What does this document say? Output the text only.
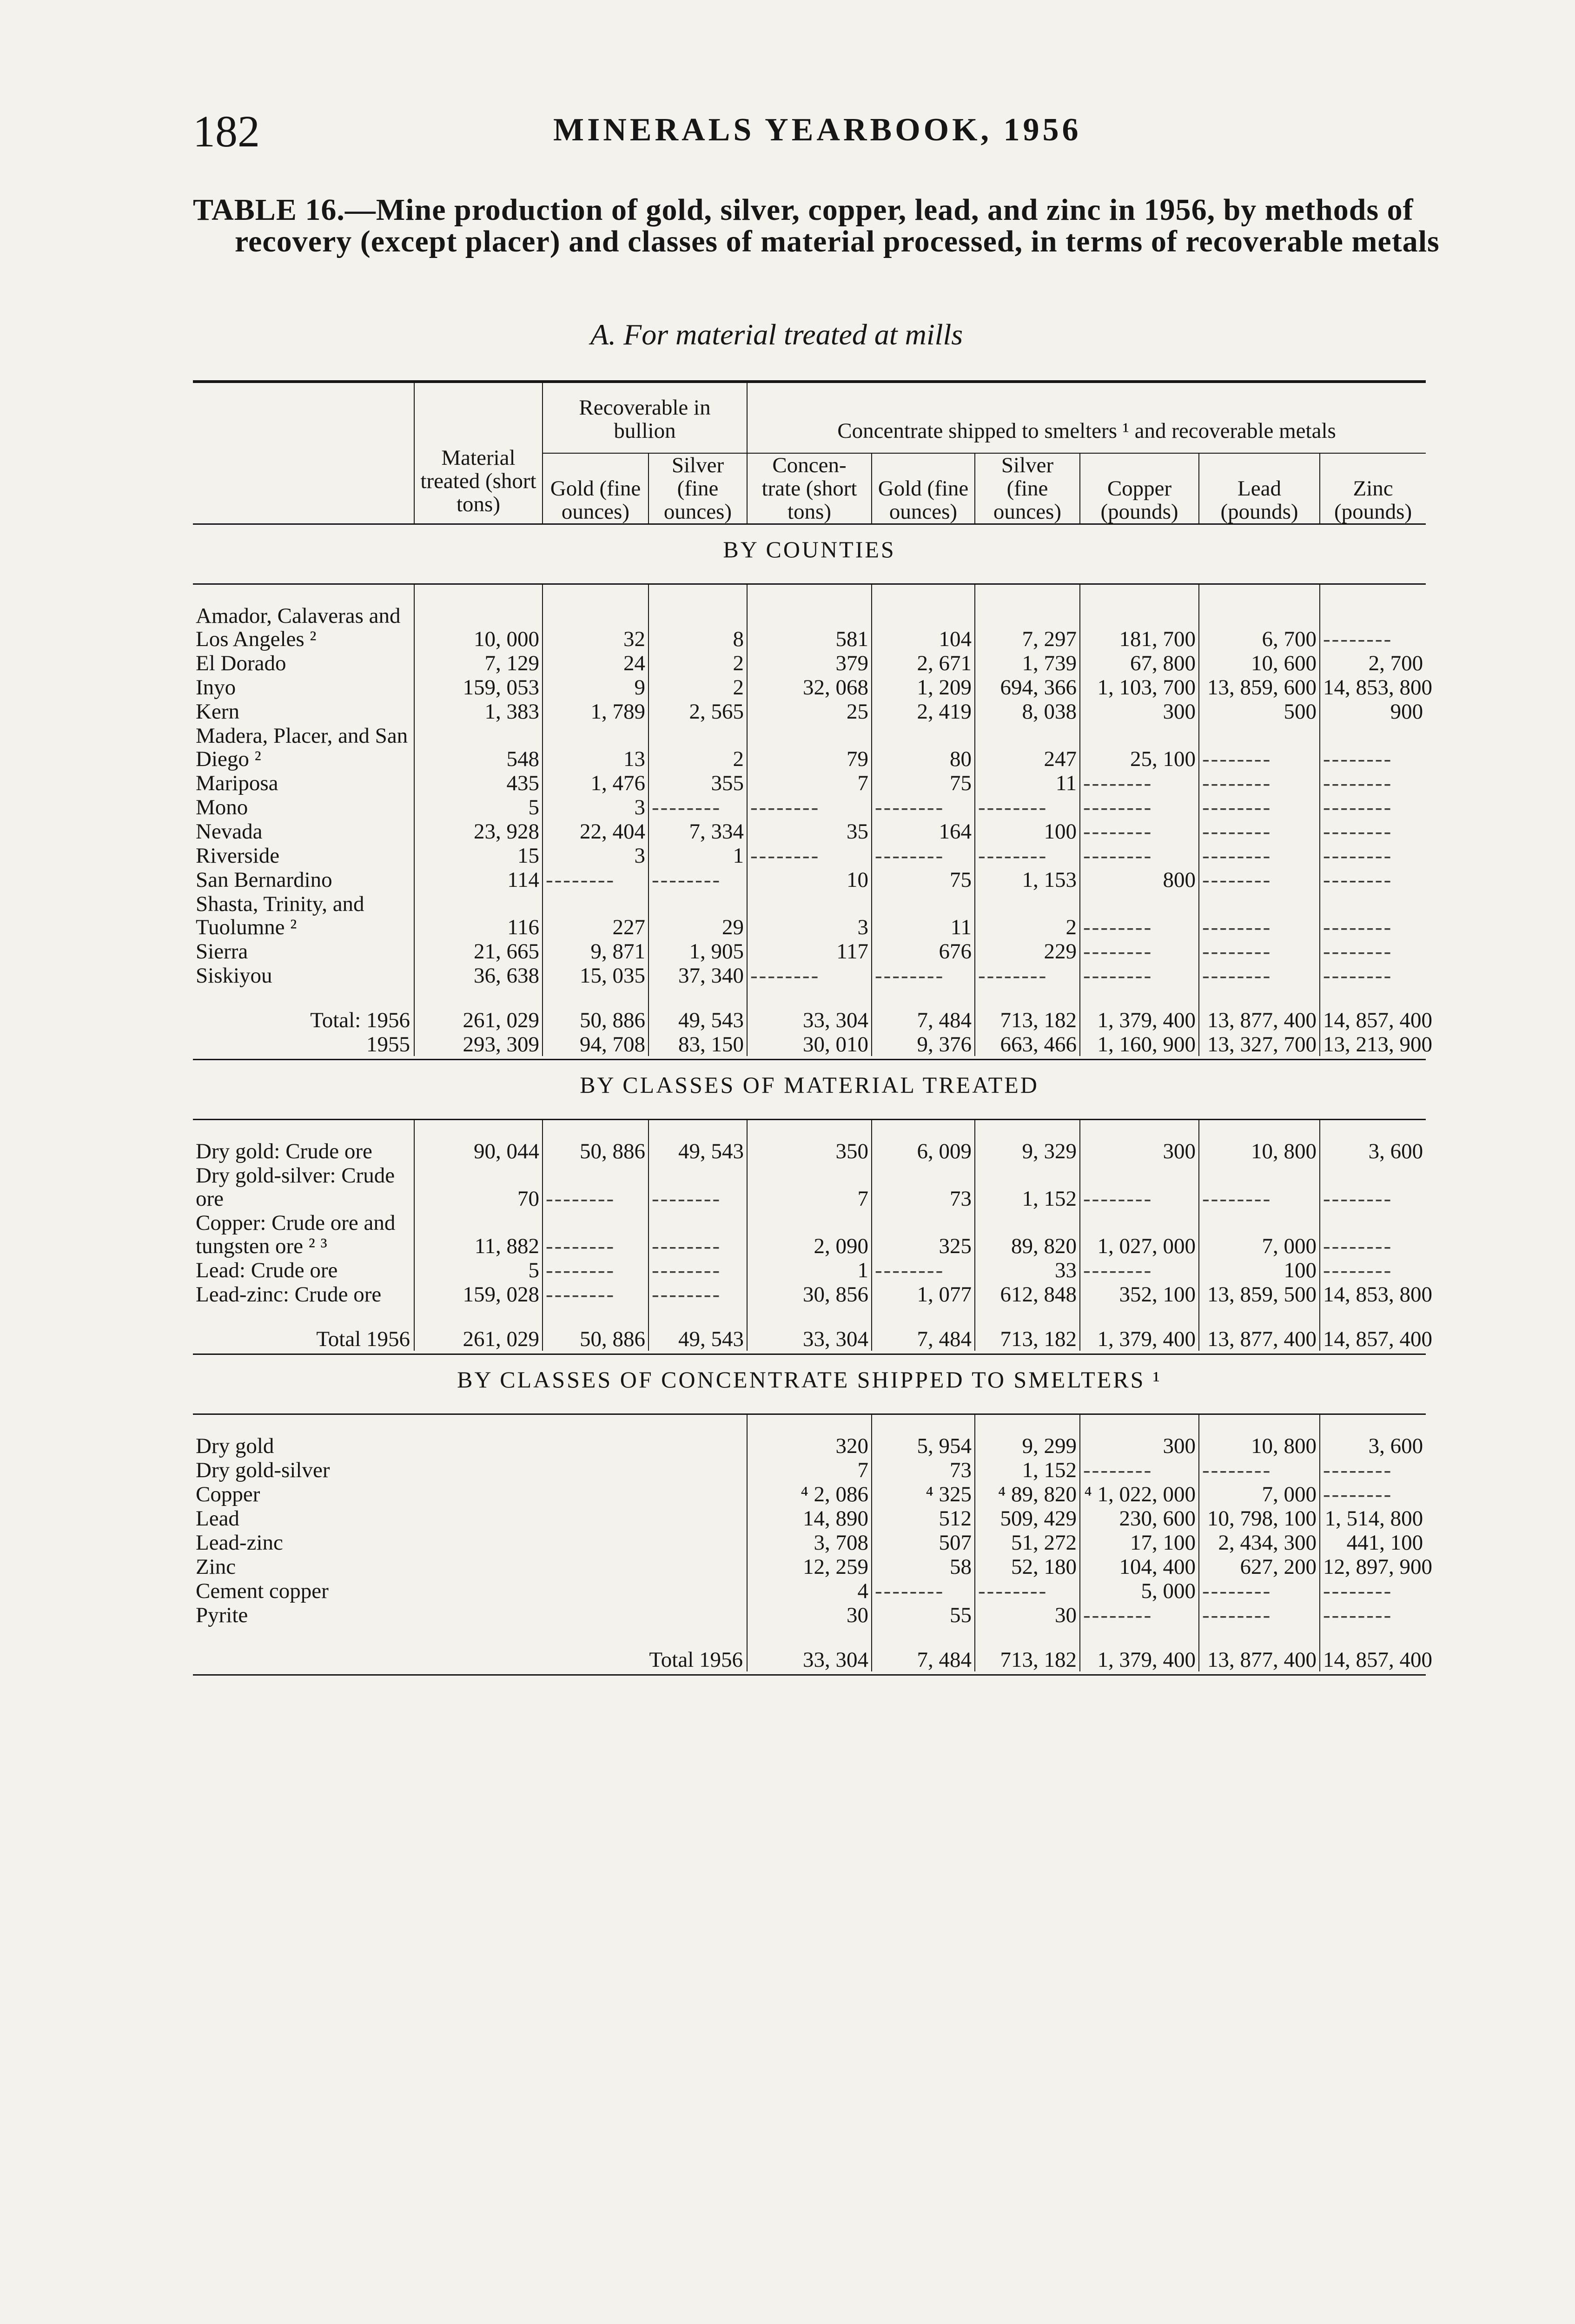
182	MINERALS YEARBOOK, 1956
TABLE 16.—Mine production of gold, silver, copper, lead, and zinc in 1956, by methods of recovery (except placer) and classes of material processed, in terms of recoverable metals
A. For material treated at mills
	Material treated (short tons)	Recoverable in bullion		Concentrate shipped to smelters ¹ and recoverable metals					
		Gold (fine ounces)	Silver (fine ounces)	Concen- trate (short tons)	Gold (fine ounces)	Silver (fine ounces)	Copper (pounds)	Lead (pounds)	Zinc (pounds)
BY COUNTIES									

Amador, Calaveras and Los Angeles ²	10, 000	32	8	581	104	7, 297	181, 700	6, 700	--------
El Dorado	7, 129	24	2	379	2, 671	1, 739	67, 800	10, 600	2, 700
Inyo	159, 053	9	2	32, 068	1, 209	694, 366	1, 103, 700	13, 859, 600	14, 853, 800
Kern	1, 383	1, 789	2, 565	25	2, 419	8, 038	300	500	900
Madera, Placer, and San Diego ²	548	13	2	79	80	247	25, 100	--------	--------
Mariposa	435	1, 476	355	7	75	11	--------	--------	--------
Mono	5	3	--------	--------	--------	--------	--------	--------	--------
Nevada	23, 928	22, 404	7, 334	35	164	100	--------	--------	--------
Riverside	15	3	1	--------	--------	--------	--------	--------	--------
San Bernardino	114	--------	--------	10	75	1, 153	800	--------	--------
Shasta, Trinity, and Tuolumne ²	116	227	29	3	11	2	--------	--------	--------
Sierra	21, 665	9, 871	1, 905	117	676	229	--------	--------	--------
Siskiyou	36, 638	15, 035	37, 340	--------	--------	--------	--------	--------	--------

Total: 1956	261, 029	50, 886	49, 543	33, 304	7, 484	713, 182	1, 379, 400	13, 877, 400	14, 857, 400
1955	293, 309	94, 708	83, 150	30, 010	9, 376	663, 466	1, 160, 900	13, 327, 700	13, 213, 900

BY CLASSES OF MATERIAL TREATED									

Dry gold: Crude ore	90, 044	50, 886	49, 543	350	6, 009	9, 329	300	10, 800	3, 600
Dry gold-silver: Crude ore	70	--------	--------	7	73	1, 152	--------	--------	--------
Copper: Crude ore and tungsten ore ² ³	11, 882	--------	--------	2, 090	325	89, 820	1, 027, 000	7, 000	--------
Lead: Crude ore	5	--------	--------	1	--------	33	--------	100	--------
Lead-zinc: Crude ore	159, 028	--------	--------	30, 856	1, 077	612, 848	352, 100	13, 859, 500	14, 853, 800

Total 1956	261, 029	50, 886	49, 543	33, 304	7, 484	713, 182	1, 379, 400	13, 877, 400	14, 857, 400

BY CLASSES OF CONCENTRATE SHIPPED TO SMELTERS ¹									

Dry gold				320	5, 954	9, 299	300	10, 800	3, 600
Dry gold-silver				7	73	1, 152	--------	--------	--------
Copper				⁴ 2, 086	⁴ 325	⁴ 89, 820	⁴ 1, 022, 000	7, 000	--------
Lead				14, 890	512	509, 429	230, 600	10, 798, 100	1, 514, 800
Lead-zinc				3, 708	507	51, 272	17, 100	2, 434, 300	441, 100
Zinc				12, 259	58	52, 180	104, 400	627, 200	12, 897, 900
Cement copper				4	--------	--------	5, 000	--------	--------
Pyrite				30	55	30	--------	--------	--------

Total 1956				33, 304	7, 484	713, 182	1, 379, 400	13, 877, 400	14, 857, 400
